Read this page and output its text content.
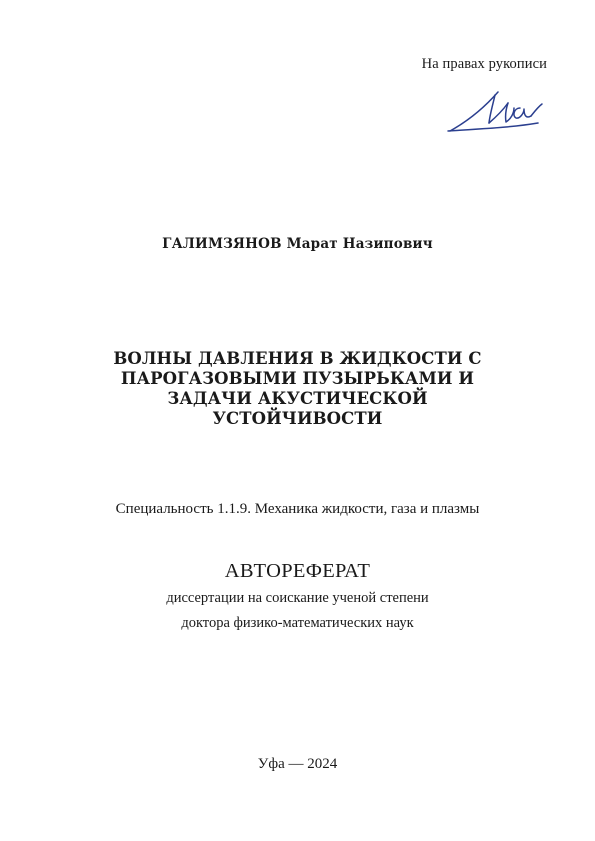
На правах рукописи
ГАЛИМЗЯНОВ Марат Назипович
ВОЛНЫ ДАВЛЕНИЯ В ЖИДКОСТИ С
ПАРОГАЗОВЫМИ ПУЗЫРЬКАМИ И
ЗАДАЧИ АКУСТИЧЕСКОЙ
УСТОЙЧИВОСТИ
Специальность 1.1.9. Механика жидкости, газа и плазмы
АВТОРЕФЕРАТ
диссертации на соискание ученой степени
доктора физико-математических наук
Уфа — 2024
